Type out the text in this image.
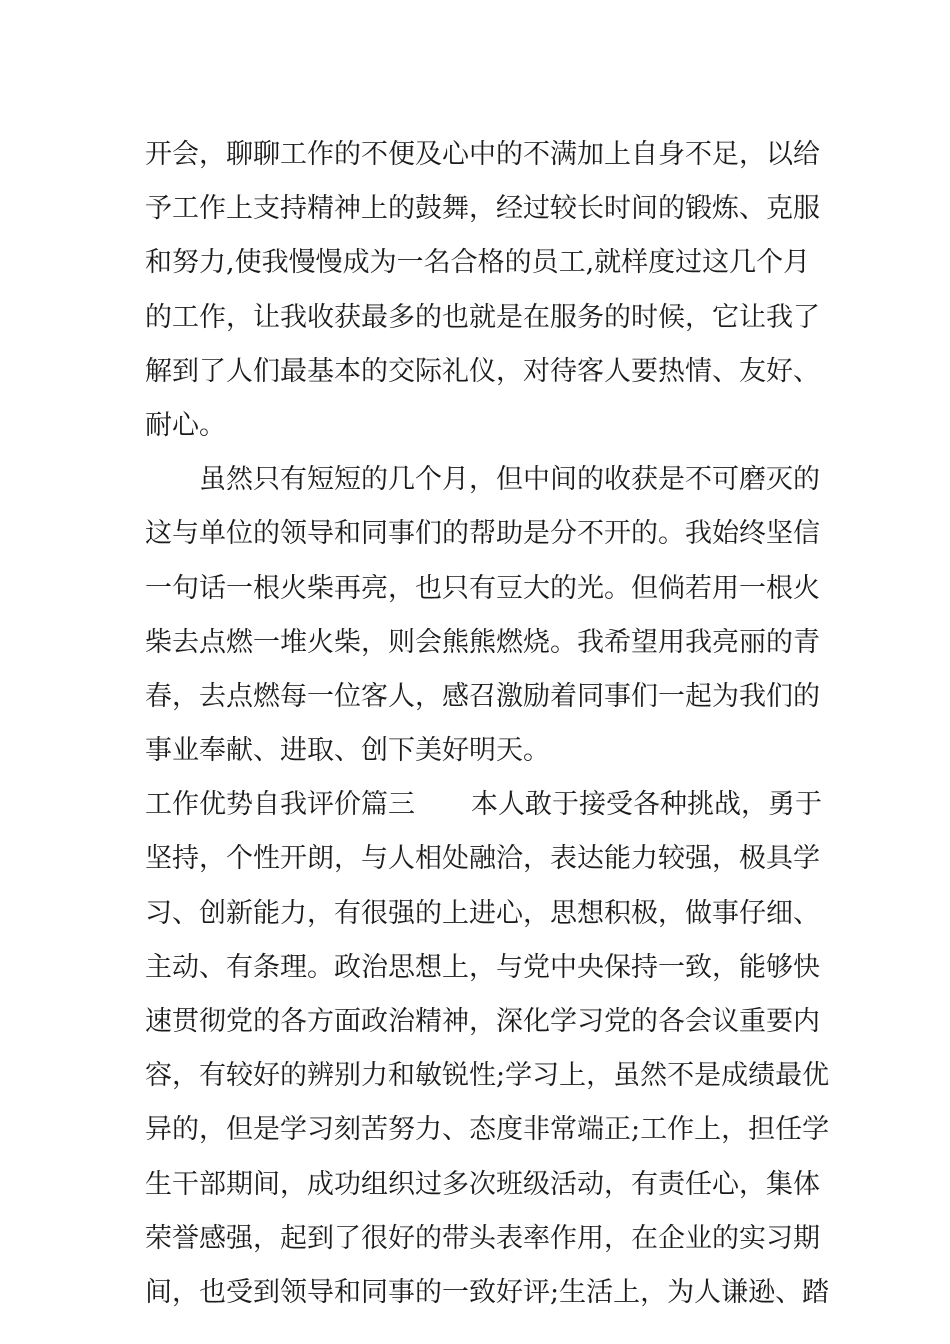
开会，聊聊工作的不便及心中的不满加上自身不足，以给
予工作上支持精神上的鼓舞，经过较长时间的锻炼、克服
和努力,使我慢慢成为一名合格的员工,就样度过这几个月
的工作，让我收获最多的也就是在服务的时候，它让我了
解到了人们最基本的交际礼仪，对待客人要热情、友好、
耐心。
虽然只有短短的几个月，但中间的收获是不可磨灭的
这与单位的领导和同事们的帮助是分不开的。我始终坚信
一句话一根火柴再亮，也只有豆大的光。但倘若用一根火
柴去点燃一堆火柴，则会熊熊燃烧。我希望用我亮丽的青
春，去点燃每一位客人，感召激励着同事们一起为我们的
事业奉献、进取、创下美好明天。
工作优势自我评价篇三 本人敢于接受各种挑战，勇于
坚持，个性开朗，与人相处融洽，表达能力较强，极具学
习、创新能力，有很强的上进心，思想积极，做事仔细、
主动、有条理。政治思想上，与党中央保持一致，能够快
速贯彻党的各方面政治精神，深化学习党的各会议重要内
容，有较好的辨别力和敏锐性;学习上，虽然不是成绩最优
异的，但是学习刻苦努力、态度非常端正;工作上，担任学
生干部期间，成功组织过多次班级活动，有责任心，集体
荣誉感强，起到了很好的带头表率作用，在企业的实习期
间，也受到领导和同事的一致好评;生活上，为人谦逊、踏
